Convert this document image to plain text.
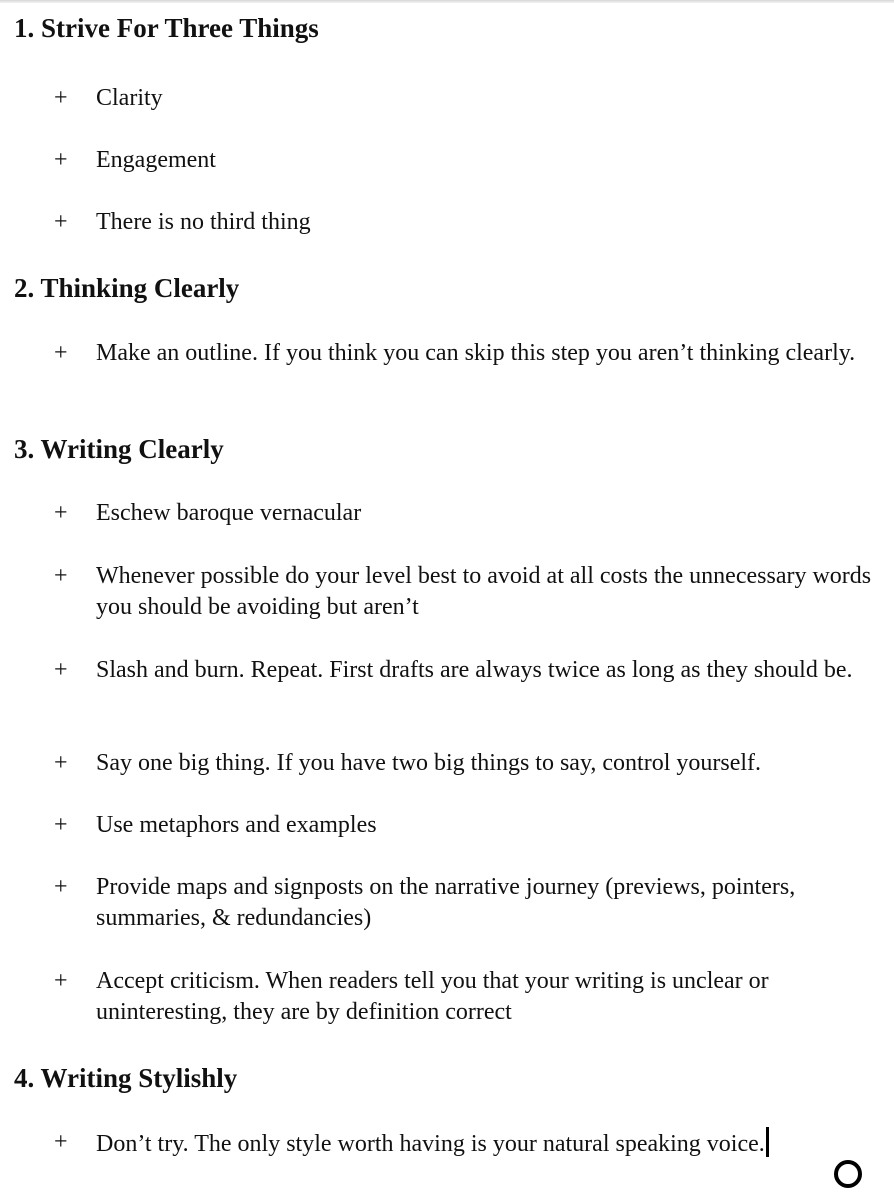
1. Strive For Three Things
+ Clarity
+ Engagement
+ There is no third thing
2. Thinking Clearly
+ Make an outline. If you think you can skip this step you aren’t thinking clearly.
3. Writing Clearly
+ Eschew baroque vernacular
+ Whenever possible do your level best to avoid at all costs the unnecessary words you should be avoiding but aren’t
+ Slash and burn. Repeat. First drafts are always twice as long as they should be.
+ Say one big thing. If you have two big things to say, control yourself.
+ Use metaphors and examples
+ Provide maps and signposts on the narrative journey (previews, pointers, summaries, & redundancies)
+ Accept criticism. When readers tell you that your writing is unclear or uninteresting, they are by definition correct
4. Writing Stylishly
+ Don’t try. The only style worth having is your natural speaking voice.
